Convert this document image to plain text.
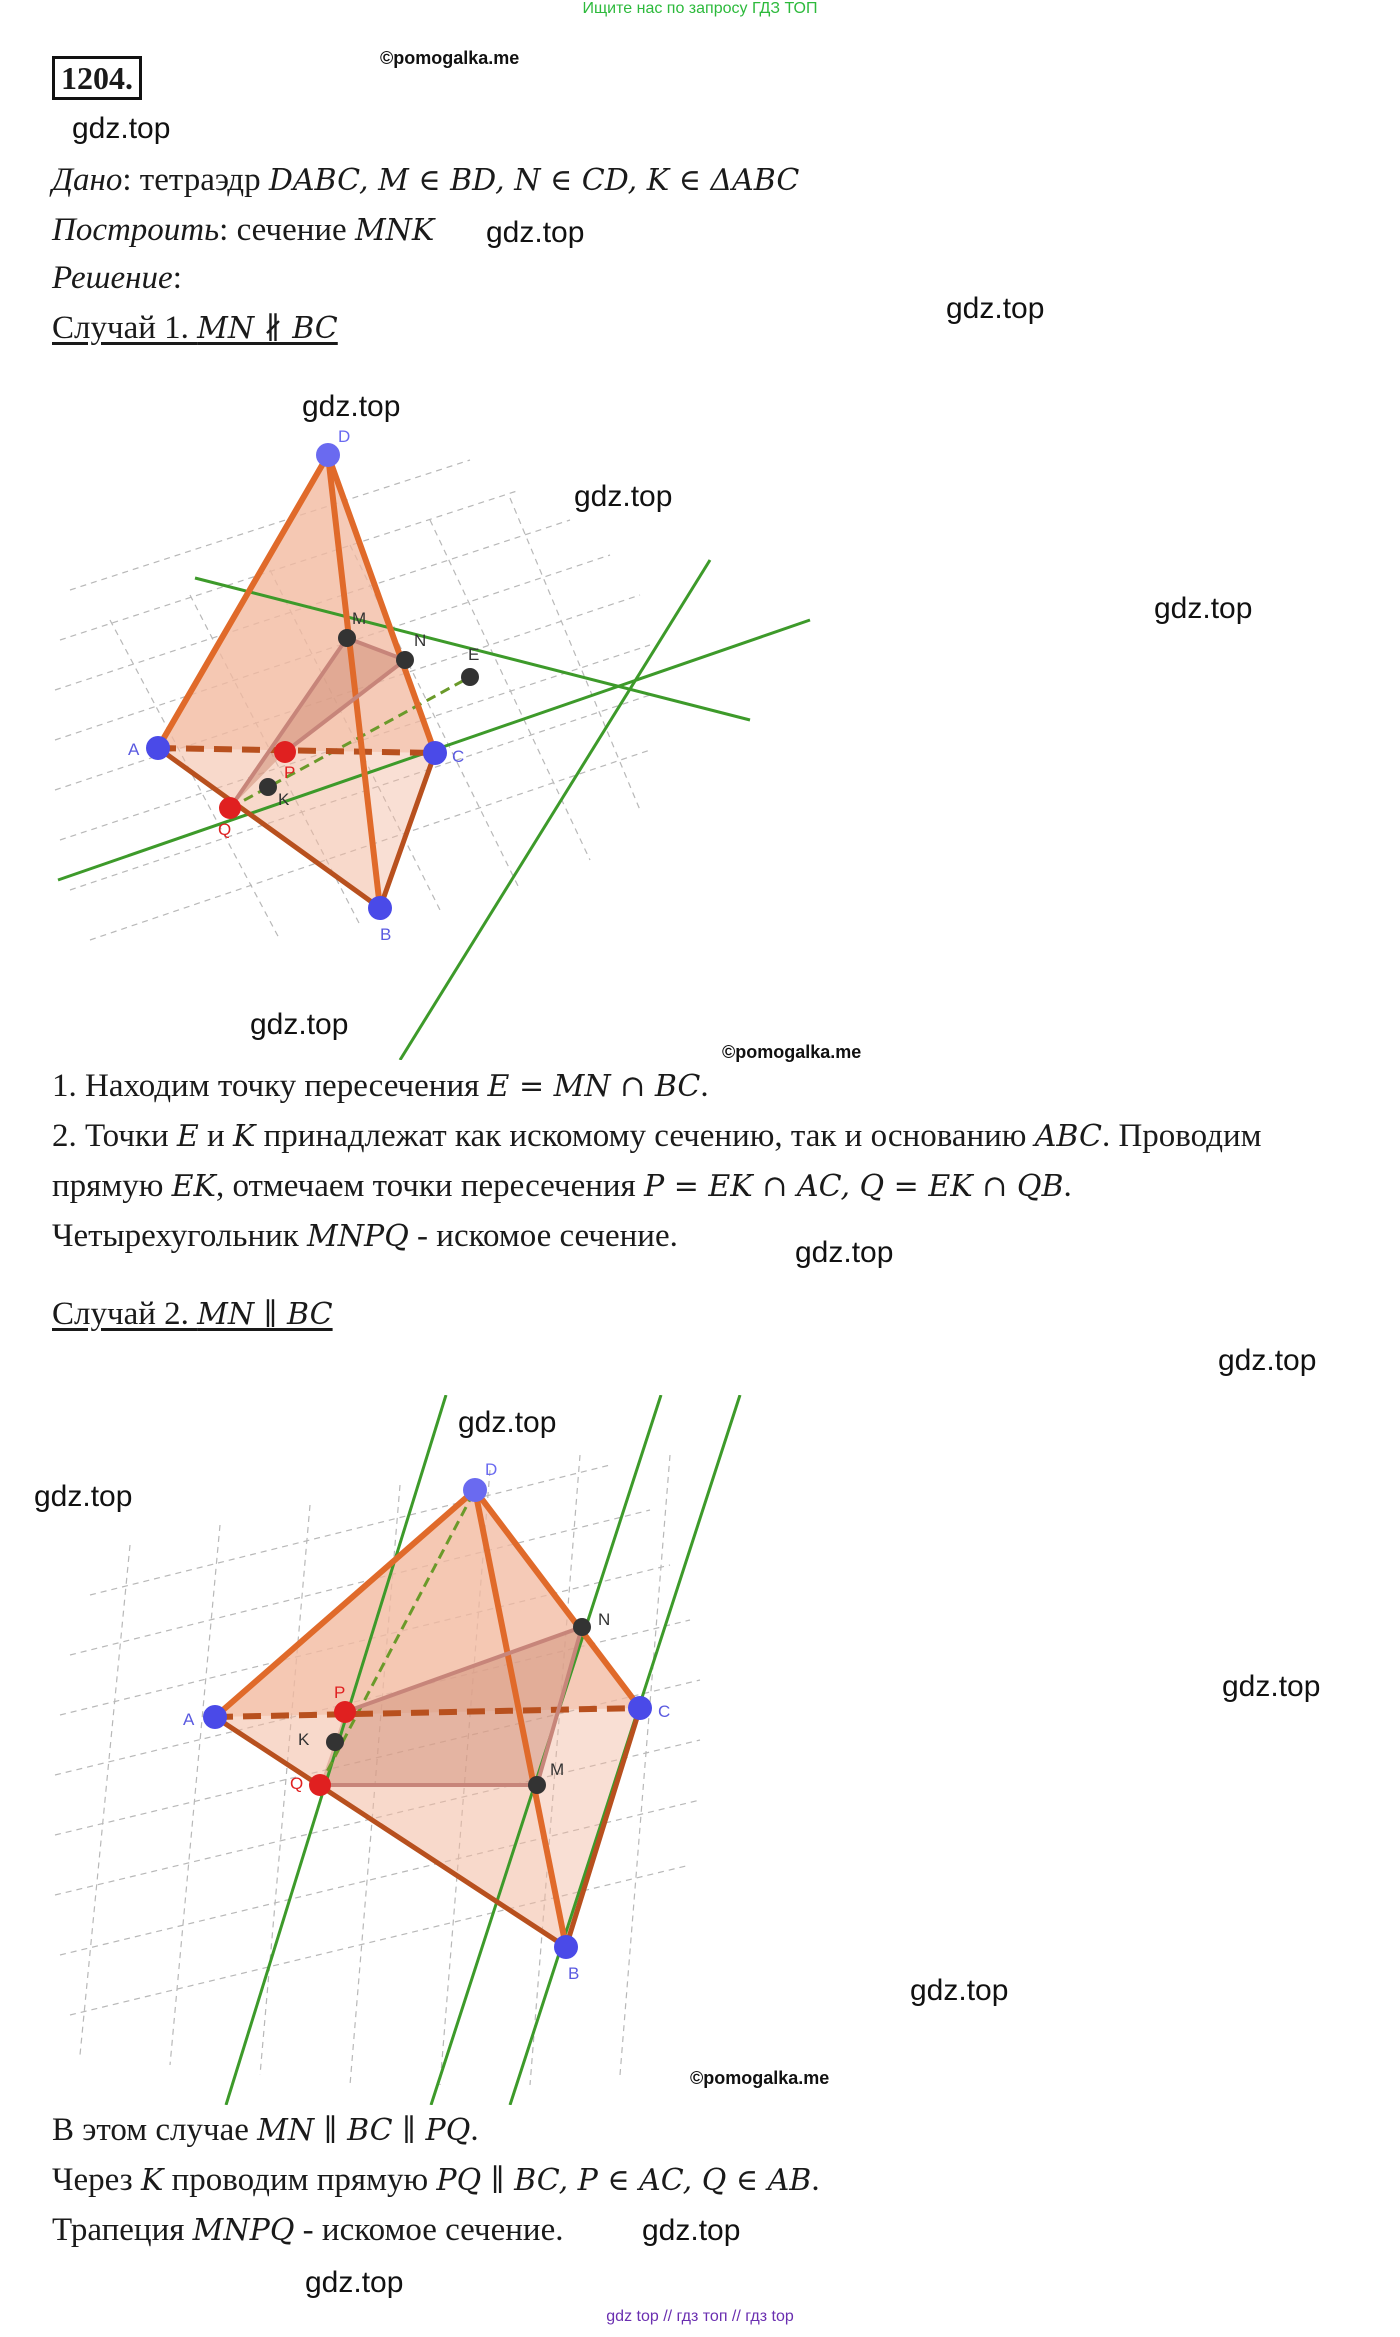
Ищите нас по запросу ГДЗ ТОП
1204.
©pomogalka.me
gdz.top
Дано: тетраэдр DABC, M ∈ BD, N ∈ CD, K ∈ ΔABC
Построить: сечение MNK gdz.top
Решение:
Случай 1. MN ∦ BC
gdz.top
A
D
C
B
M
N
E
K
P
Q
gdz.top
gdz.top
gdz.top
gdz.top
©pomogalka.me
1. Находим точку пересечения E = MN ∩ BC.
2. Точки E и K принадлежат как искомому сечению, так и основанию ABC. Проводим
прямую EK, отмечаем точки пересечения P = EK ∩ AC, Q = EK ∩ QB.
Четырехугольник MNPQ - искомое сечение.	gdz.top
Случай 2. MN ∥ BC
gdz.top
gdz.top
gdz.top
gdz.top
A
D
C
B
M
N
K
P
Q
gdz.top
©pomogalka.me
В этом случае MN ∥ BC ∥ PQ.
Через K проводим прямую PQ ∥ BC, P ∈ AC, Q ∈ AB.
Трапеция MNPQ - искомое сечение.	gdz.top
gdz.top
gdz top // гдз топ // гдз top
